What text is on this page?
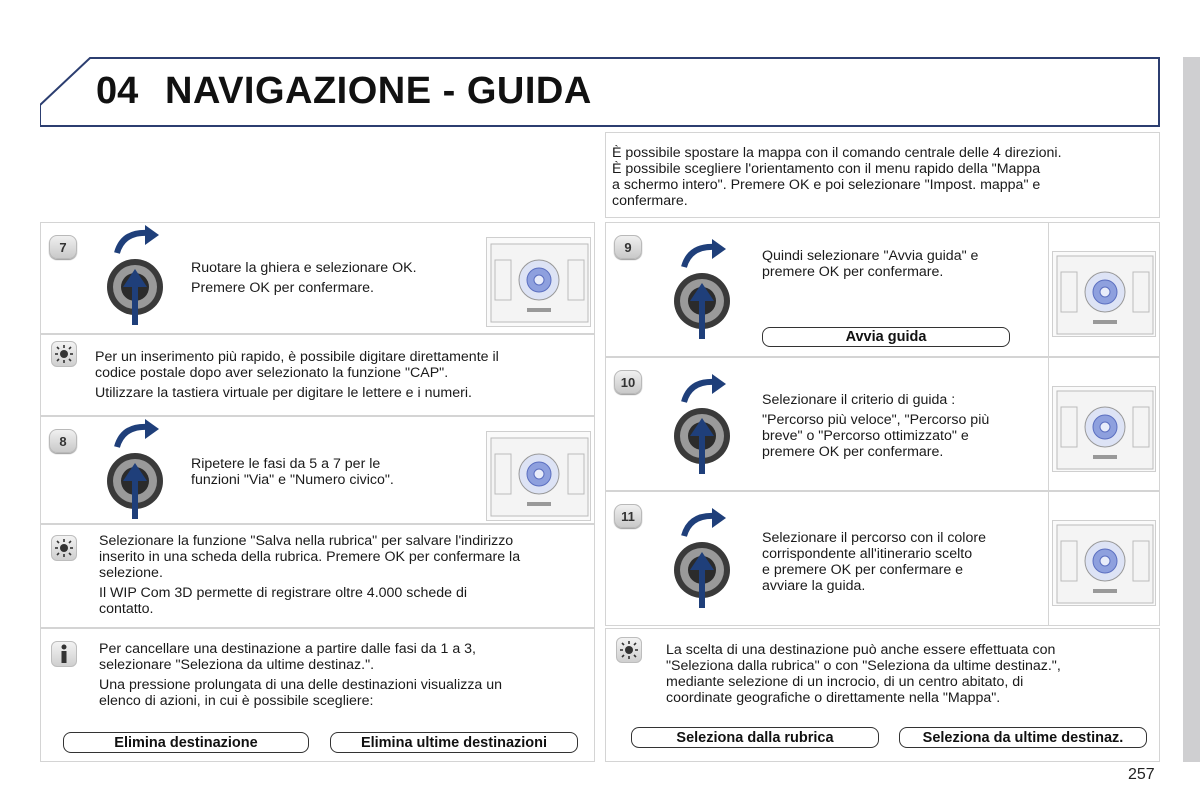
04 NAVIGAZIONE - GUIDA
7

Ruotare la ghiera e selezionare OK.

Premere OK per confermare.

Per un inserimento più rapido, è possibile digitare direttamente il

codice postale dopo aver selezionato la funzione "CAP".

Utilizzare la tastiera virtuale per digitare le lettere e i numeri.

8

Ripetere le fasi da 5 a 7 per le

funzioni "Via" e "Numero civico".

Selezionare la funzione "Salva nella rubrica" per salvare l'indirizzo

inserito in una scheda della rubrica. Premere OK per confermare la

selezione.

Il WIP Com 3D permette di registrare oltre 4.000 schede di

contatto.

Per cancellare una destinazione a partire dalle fasi da 1 a 3,

selezionare "Seleziona da ultime destinaz.".

Una pressione prolungata di una delle destinazioni visualizza un

elenco di azioni, in cui è possibile scegliere:

Elimina destinazione	Elimina ultime destinazioni

È possibile spostare la mappa con il comando centrale delle 4 direzioni.

È possibile scegliere l'orientamento con il menu rapido della "Mappa

a schermo intero". Premere OK e poi selezionare "Impost. mappa" e

confermare.

9

Quindi selezionare "Avvia guida" e

premere OK per confermare.

Avvia guida
10

Selezionare il criterio di guida :

"Percorso più veloce", "Percorso più

breve" o "Percorso ottimizzato" e

premere OK per confermare.

11

Selezionare il percorso con il colore

corrispondente all'itinerario scelto

e premere OK per confermare e

avviare la guida.

La scelta di una destinazione può anche essere effettuata con

"Seleziona dalla rubrica" o con "Seleziona da ultime destinaz.",

mediante selezione di un incrocio, di un centro abitato, di

coordinate geografiche o direttamente nella "Mappa".

Seleziona dalla rubrica	Seleziona da ultime destinaz.
257
